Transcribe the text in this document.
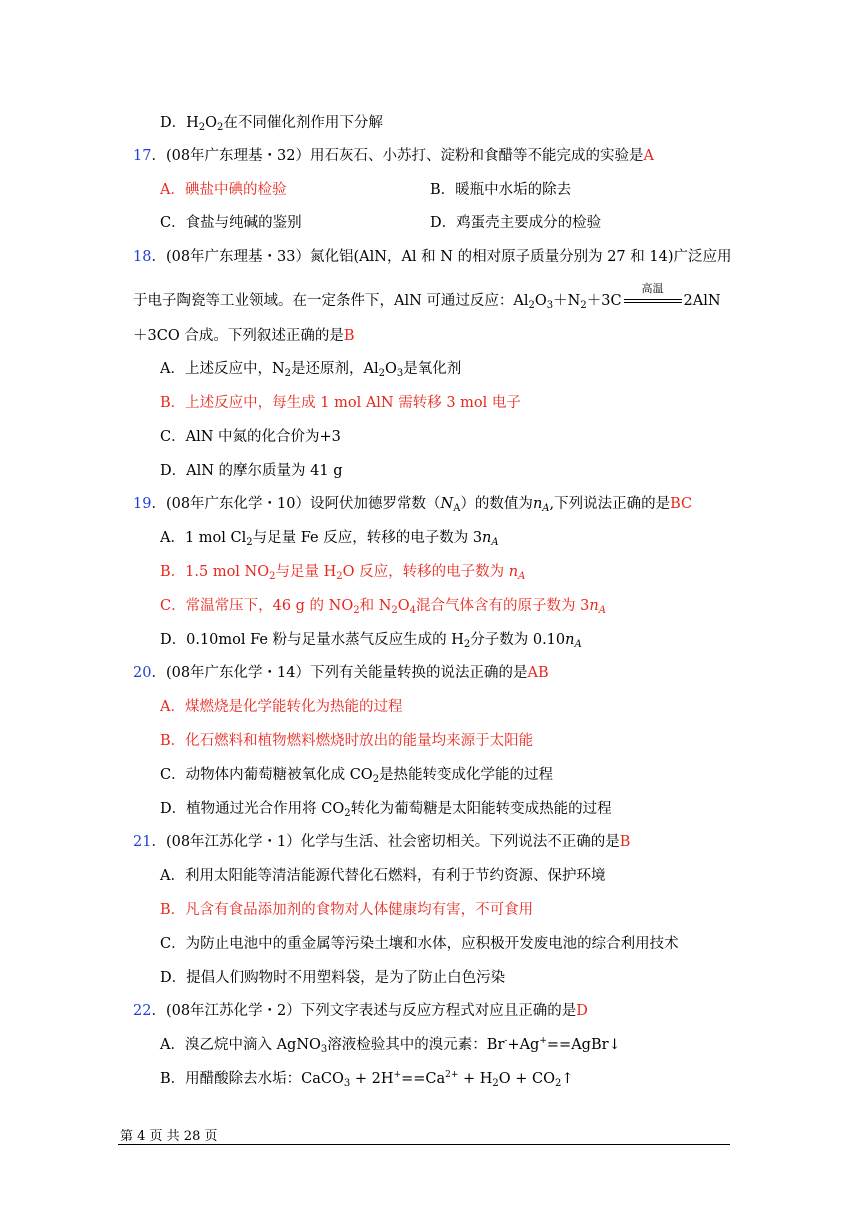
D．$H_2O_2$在不同催化剂作用下分解
17．(08年广东理基・32）用石灰石、小苏打、淀粉和食醋等不能完成的实验是A
A．碘盐中碘的检验	B．暖瓶中水垢的除去
C．食盐与纯碱的鉴别	D．鸡蛋壳主要成分的检验
18．(08年广东理基・33）氮化铝(AlN，Al 和 N 的相对原子质量分别为 27 和 14)广泛应用
于电子陶瓷等工业领域。在一定条件下，AlN 可通过反应：$Al_2O_3+N_2+3C$
高温
2AlN
＋3CO 合成。下列叙述正确的是B
A．上述反应中，$N_2$是还原剂，$Al_2O_3$是氧化剂
B．上述反应中，每生成 1 mol AlN 需转移 3 mol 电子
C．AlN 中氮的化合价为+3
D．AlN 的摩尔质量为 41 g
19．(08年广东化学・10）设阿伏加德罗常数$(N_A)$的数值为$n_A$,下列说法正确的是BC
A．1 mol $Cl_2$与足量 Fe 反应，转移的电子数为 $3n_A$
B．1.5 mol $NO_2$与足量 $H_2O$ 反应，转移的电子数为 $n_A$
C．常温常压下，46 g 的 $NO_2$和 $N_2O_4$混合气体含有的原子数为 $3n_A$
D．0.10mol Fe 粉与足量水蒸气反应生成的 $H_2$分子数为 $0.10n_A$
20．(08年广东化学・14）下列有关能量转换的说法正确的是AB
A．煤燃烧是化学能转化为热能的过程
B．化石燃料和植物燃料燃烧时放出的能量均来源于太阳能
C．动物体内葡萄糖被氧化成 $CO_2$是热能转变成化学能的过程
D．植物通过光合作用将 $CO_2$转化为葡萄糖是太阳能转变成热能的过程
21．(08年江苏化学・1）化学与生活、社会密切相关。下列说法不正确的是B
A．利用太阳能等清洁能源代替化石燃料，有利于节约资源、保护环境
B．凡含有食品添加剂的食物对人体健康均有害，不可食用
C．为防止电池中的重金属等污染土壤和水体，应积极开发废电池的综合利用技术
D．提倡人们购物时不用塑料袋，是为了防止白色污染
22．(08年江苏化学・2）下列文字表述与反应方程式对应且正确的是D
A．溴乙烷中滴入 AgNO$_3$溶液检验其中的溴元素：Br-+Ag+==AgBr↓
B．用醋酸除去水垢：CaCO$_3$ + $2H^+==Ca^{2+} + H_2O$ + $CO_2↑$
第 4 页 共 28 页
